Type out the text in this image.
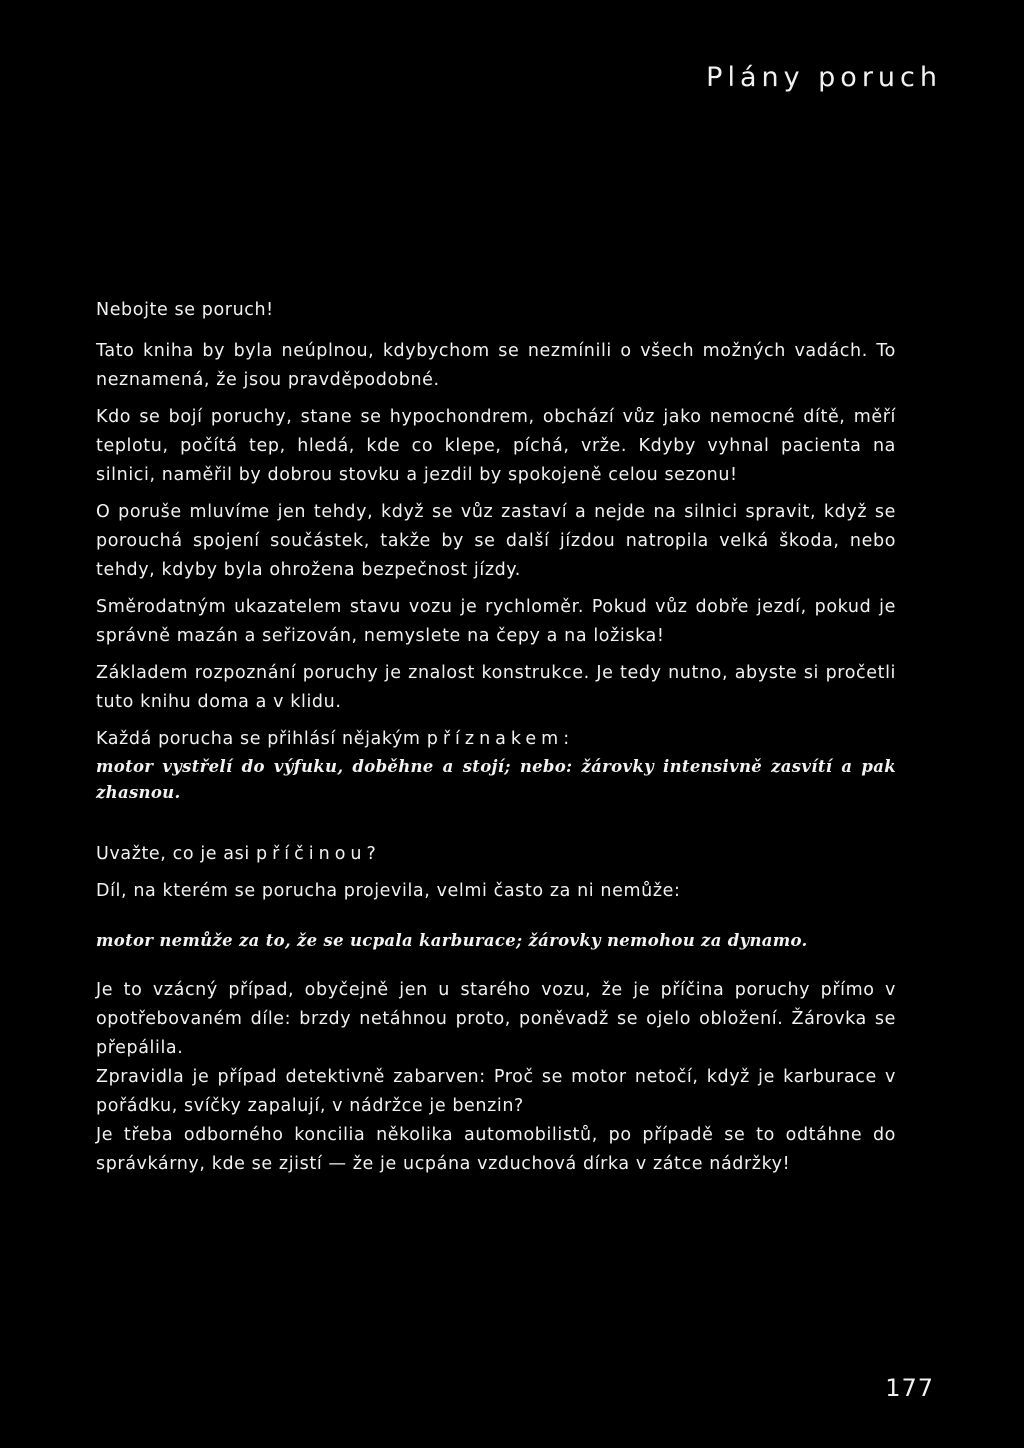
Plány poruch

Nebojte se poruch!

Tato kniha by byla neúplnou, kdybychom se nezmínili o všech možných vadách. To neznamená, že jsou pravděpodobné.

Kdo se bojí poruchy, stane se hypochondrem, obchází vůz jako nemocné dítě, měří teplotu, počítá tep, hledá, kde co klepe, píchá, vrže. Kdyby vyhnal pacienta na silnici, naměřil by dobrou stovku a jezdil by spokojeně celou sezonu!

O poruše mluvíme jen tehdy, když se vůz zastaví a nejde na silnici spravit, když se porouchá spojení součástek, takže by se další jízdou natropila velká škoda, nebo tehdy, kdyby byla ohrožena bezpečnost jízdy.

Směrodatným ukazatelem stavu vozu je rychloměr. Pokud vůz dobře jezdí, pokud je správně mazán a seřizován, nemyslete na čepy a na ložiska!

Základem rozpoznání poruchy je znalost konstrukce. Je tedy nutno, abyste si pročetli tuto knihu doma a v klidu.

Každá porucha se přihlásí nějakým příznakem:

motor vystřelí do výfuku, doběhne a stojí; nebo: žárovky intensivně zasvítí a pak zhasnou.

Uvažte, co je asi příčinou?

Díl, na kterém se porucha projevila, velmi často za ni nemůže:

motor nemůže za to, že se ucpala karburace; žárovky nemohou za dynamo.

Je to vzácný případ, obyčejně jen u starého vozu, že je příčina poruchy přímo v opotřebovaném díle: brzdy netáhnou proto, poněvadž se ojelo obložení. Žárovka se přepálila.

Zpravidla je případ detektivně zabarven: Proč se motor netočí, když je karburace v pořádku, svíčky zapalují, v nádržce je benzin?

Je třeba odborného koncilia několika automobilistů, po případě se to odtáhne do správkárny, kde se zjistí — že je ucpána vzduchová dírka v zátce nádržky!

177
